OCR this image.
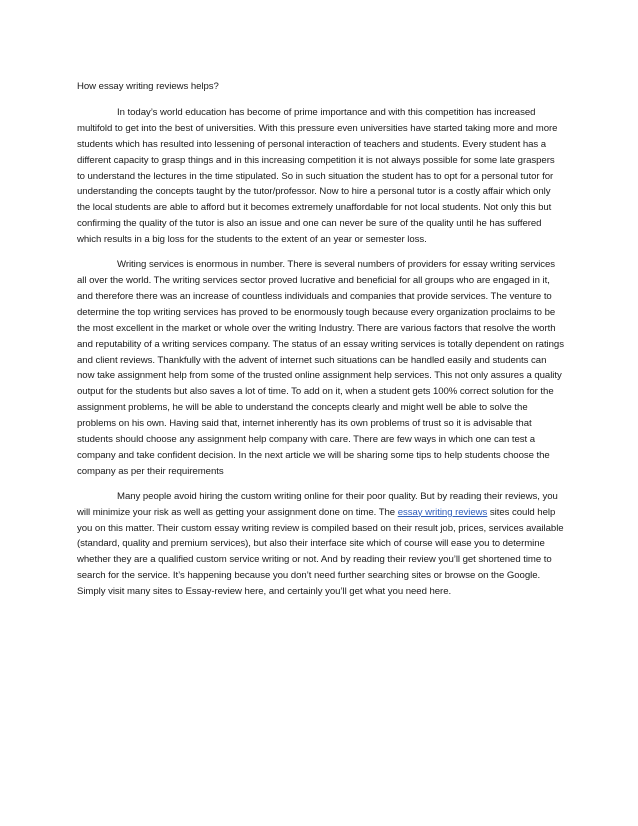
How essay writing reviews helps?

In today’s world education has become of prime importance and with this competition has increased multifold to get into the best of universities. With this pressure even universities have started taking more and more students which has resulted into lessening of personal interaction of teachers and students. Every student has a different capacity to grasp things and in this increasing competition it is not always possible for some late graspers to understand the lectures in the time stipulated. So in such situation the student has to opt for a personal tutor for understanding the concepts taught by the tutor/professor. Now to hire a personal tutor is a costly affair which only the local students are able to afford but it becomes extremely unaffordable for not local students. Not only this but confirming the quality of the tutor is also an issue and one can never be sure of the quality until he has suffered which results in a big loss for the students to the extent of an year or semester loss.

Writing services is enormous in number. There is several numbers of providers for essay writing services all over the world. The writing services sector proved lucrative and beneficial for all groups who are engaged in it, and therefore there was an increase of countless individuals and companies that provide services. The venture to determine the top writing services has proved to be enormously tough because every organization proclaims to be the most excellent in the market or whole over the writing Industry. There are various factors that resolve the worth and reputability of a writing services company. The status of an essay writing services is totally dependent on ratings and client reviews. Thankfully with the advent of internet such situations can be handled easily and students can now take assignment help from some of the trusted online assignment help services. This not only assures a quality output for the students but also saves a lot of time. To add on it, when a student gets 100% correct solution for the assignment problems, he will be able to understand the concepts clearly and might well be able to solve the problems on his own. Having said that, internet inherently has its own problems of trust so it is advisable that students should choose any assignment help company with care. There are few ways in which one can test a company and take confident decision. In the next article we will be sharing some tips to help students choose the company as per their requirements

Many people avoid hiring the custom writing online for their poor quality. But by reading their reviews, you will minimize your risk as well as getting your assignment done on time. The essay writing reviews sites could help you on this matter. Their custom essay writing review is compiled based on their result job, prices, services available (standard, quality and premium services), but also their interface site which of course will ease you to determine whether they are a qualified custom service writing or not. And by reading their review you’ll get shortened time to search for the service. It’s happening because you don’t need further searching sites or browse on the Google. Simply visit many sites to Essay-review here, and certainly you’ll get what you need here.
